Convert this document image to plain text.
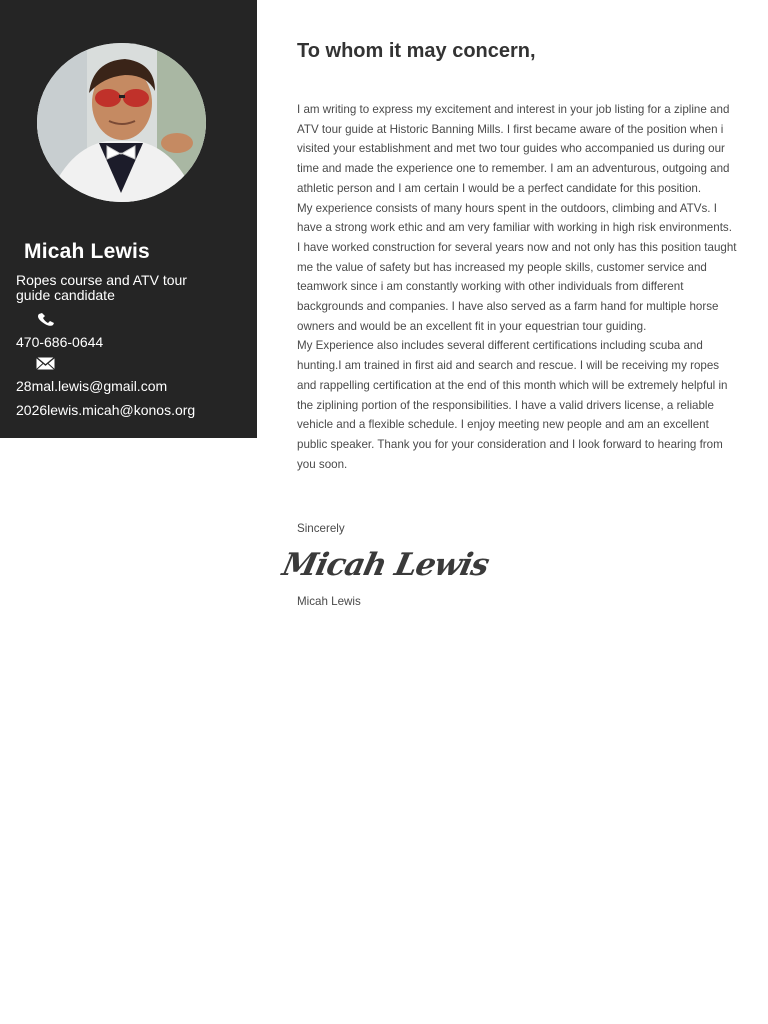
Micah Lewis
Ropes course and ATV tour guide candidate
470-686-0644
28mal.lewis@gmail.com
2026lewis.micah@konos.org
To whom it may concern,

I am writing to express my excitement and interest in your job listing for a zipline and ATV tour guide at Historic Banning Mills. I first became aware of the position when i visited your establishment and met two tour guides who accompanied us during our time and made the experience one to remember. I am an adventurous, outgoing and athletic person and I am certain I would be a perfect candidate for this position.

My experience consists of many hours spent in the outdoors, climbing and ATVs. I have a strong work ethic and am very familiar with working in high risk environments. I have worked construction for several years now and not only has this position taught me the value of safety but has increased my people skills, customer service and teamwork since i am constantly working with other individuals from different backgrounds and companies. I have also served as a farm hand for multiple horse owners and would be an excellent fit in your equestrian tour guiding.

My Experience also includes several different certifications including scuba and hunting.I am trained in first aid and search and rescue. I will be receiving my ropes and rappelling certification at the end of this month which will be extremely helpful in the ziplining portion of the responsibilities. I have a valid drivers license, a reliable vehicle and a flexible schedule. I enjoy meeting new people and am an excellent public speaker. Thank you for your consideration and I look forward to hearing from you soon.

Sincerely
Micah Lewis
Micah Lewis
